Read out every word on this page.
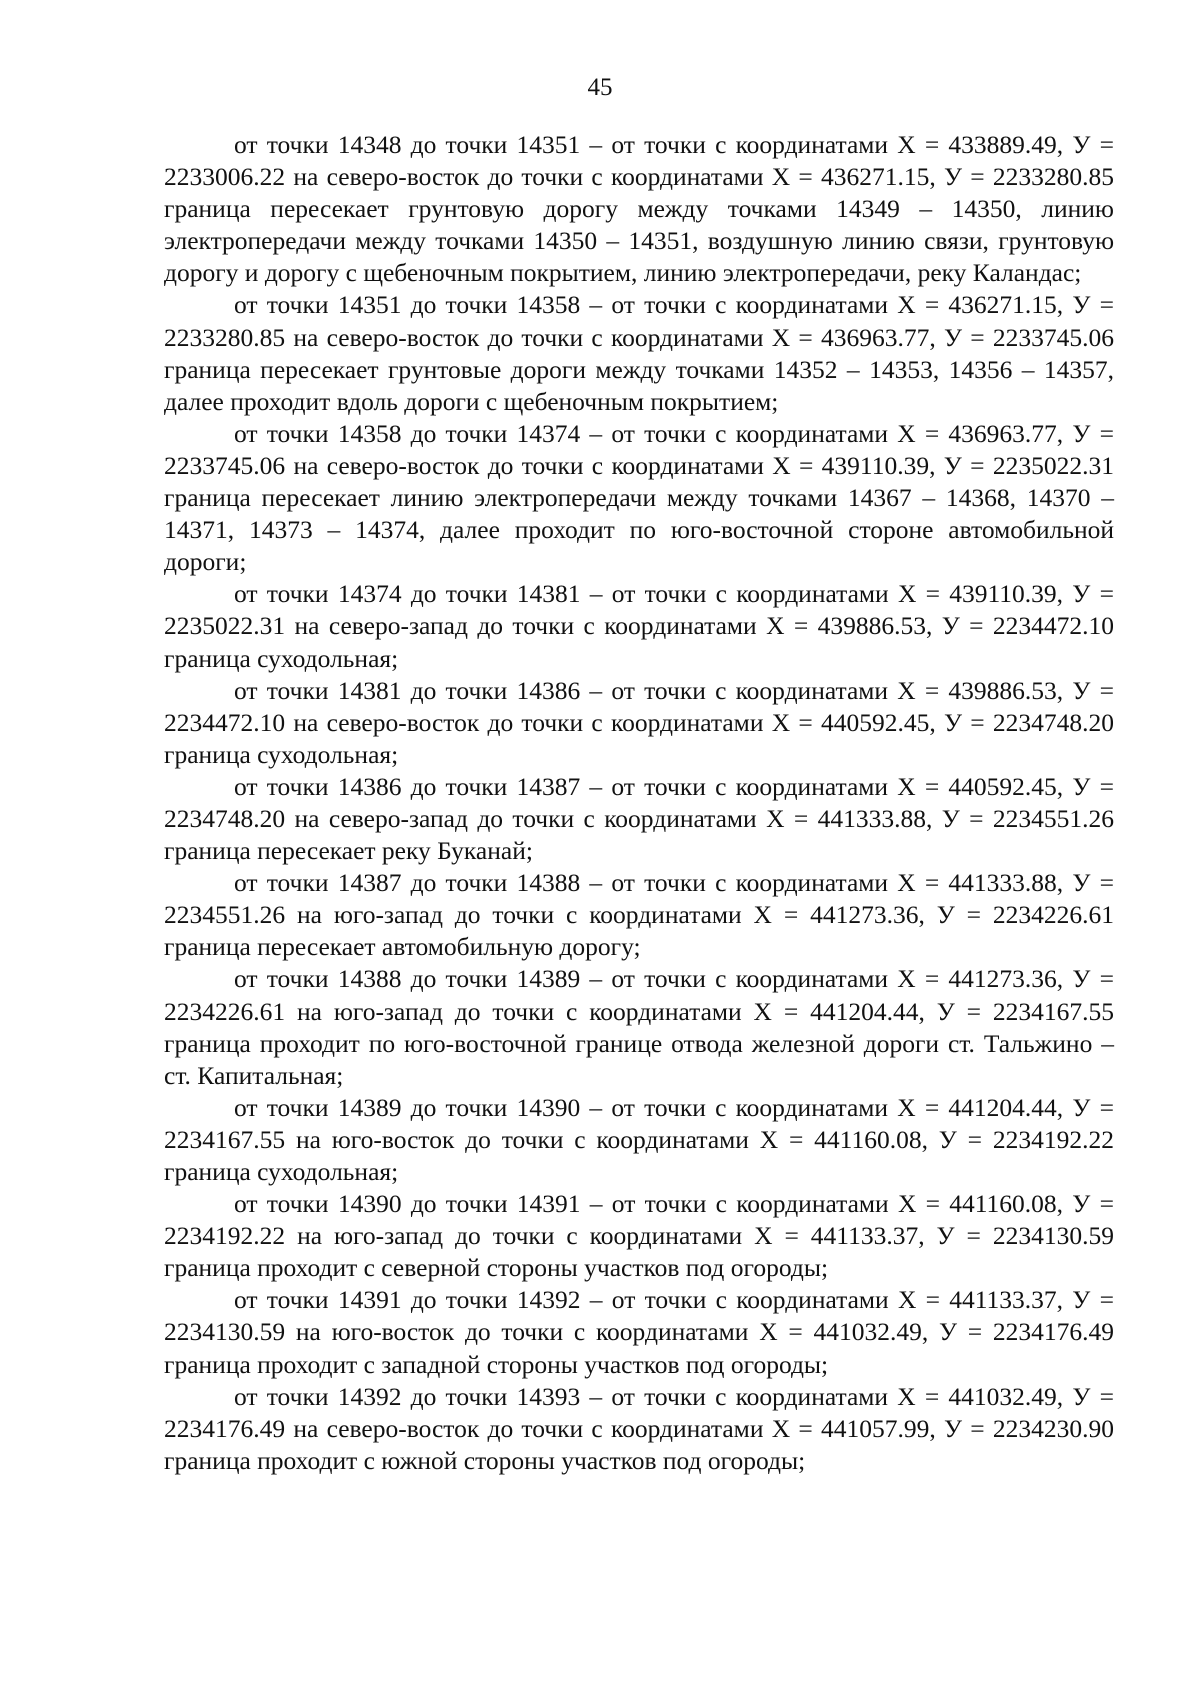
45

от точки 14348 до точки 14351 – от точки с координатами Х = 433889.49, У = 2233006.22 на северо-восток до точки с координатами Х = 436271.15, У = 2233280.85 граница пересекает грунтовую дорогу между точками 14349 – 14350, линию электропередачи между точками 14350 – 14351, воздушную линию связи, грунтовую дорогу и дорогу с щебеночным покрытием, линию электропередачи, реку Каландас;

от точки 14351 до точки 14358 – от точки с координатами Х = 436271.15, У = 2233280.85 на северо-восток до точки с координатами Х = 436963.77, У = 2233745.06 граница пересекает грунтовые дороги между точками 14352 – 14353, 14356 – 14357, далее проходит вдоль дороги с щебеночным покрытием;

от точки 14358 до точки 14374 – от точки с координатами Х = 436963.77, У = 2233745.06 на северо-восток до точки с координатами Х = 439110.39, У = 2235022.31 граница пересекает линию электропередачи между точками 14367 – 14368, 14370 – 14371, 14373 – 14374, далее проходит по юго-восточной стороне автомобильной дороги;

от точки 14374 до точки 14381 – от точки с координатами Х = 439110.39, У = 2235022.31 на северо-запад до точки с координатами Х = 439886.53, У = 2234472.10 граница суходольная;

от точки 14381 до точки 14386 – от точки с координатами Х = 439886.53, У = 2234472.10 на северо-восток до точки с координатами Х = 440592.45, У = 2234748.20 граница суходольная;

от точки 14386 до точки 14387 – от точки с координатами Х = 440592.45, У = 2234748.20 на северо-запад до точки с координатами Х = 441333.88, У = 2234551.26 граница пересекает реку Буканай;

от точки 14387 до точки 14388 – от точки с координатами Х = 441333.88, У = 2234551.26 на юго-запад до точки с координатами Х = 441273.36, У = 2234226.61 граница пересекает автомобильную дорогу;

от точки 14388 до точки 14389 – от точки с координатами Х = 441273.36, У = 2234226.61 на юго-запад до точки с координатами Х = 441204.44, У = 2234167.55 граница проходит по юго-восточной границе отвода железной дороги ст. Тальжино – ст. Капитальная;

от точки 14389 до точки 14390 – от точки с координатами Х = 441204.44, У = 2234167.55 на юго-восток до точки с координатами Х = 441160.08, У = 2234192.22 граница суходольная;

от точки 14390 до точки 14391 – от точки с координатами Х = 441160.08, У = 2234192.22 на юго-запад до точки с координатами Х = 441133.37, У = 2234130.59 граница проходит с северной стороны участков под огороды;

от точки 14391 до точки 14392 – от точки с координатами Х = 441133.37, У = 2234130.59 на юго-восток до точки с координатами Х = 441032.49, У = 2234176.49 граница проходит с западной стороны участков под огороды;

от точки 14392 до точки 14393 – от точки с координатами Х = 441032.49, У = 2234176.49 на северо-восток до точки с координатами Х = 441057.99, У = 2234230.90 граница проходит с южной стороны участков под огороды;
